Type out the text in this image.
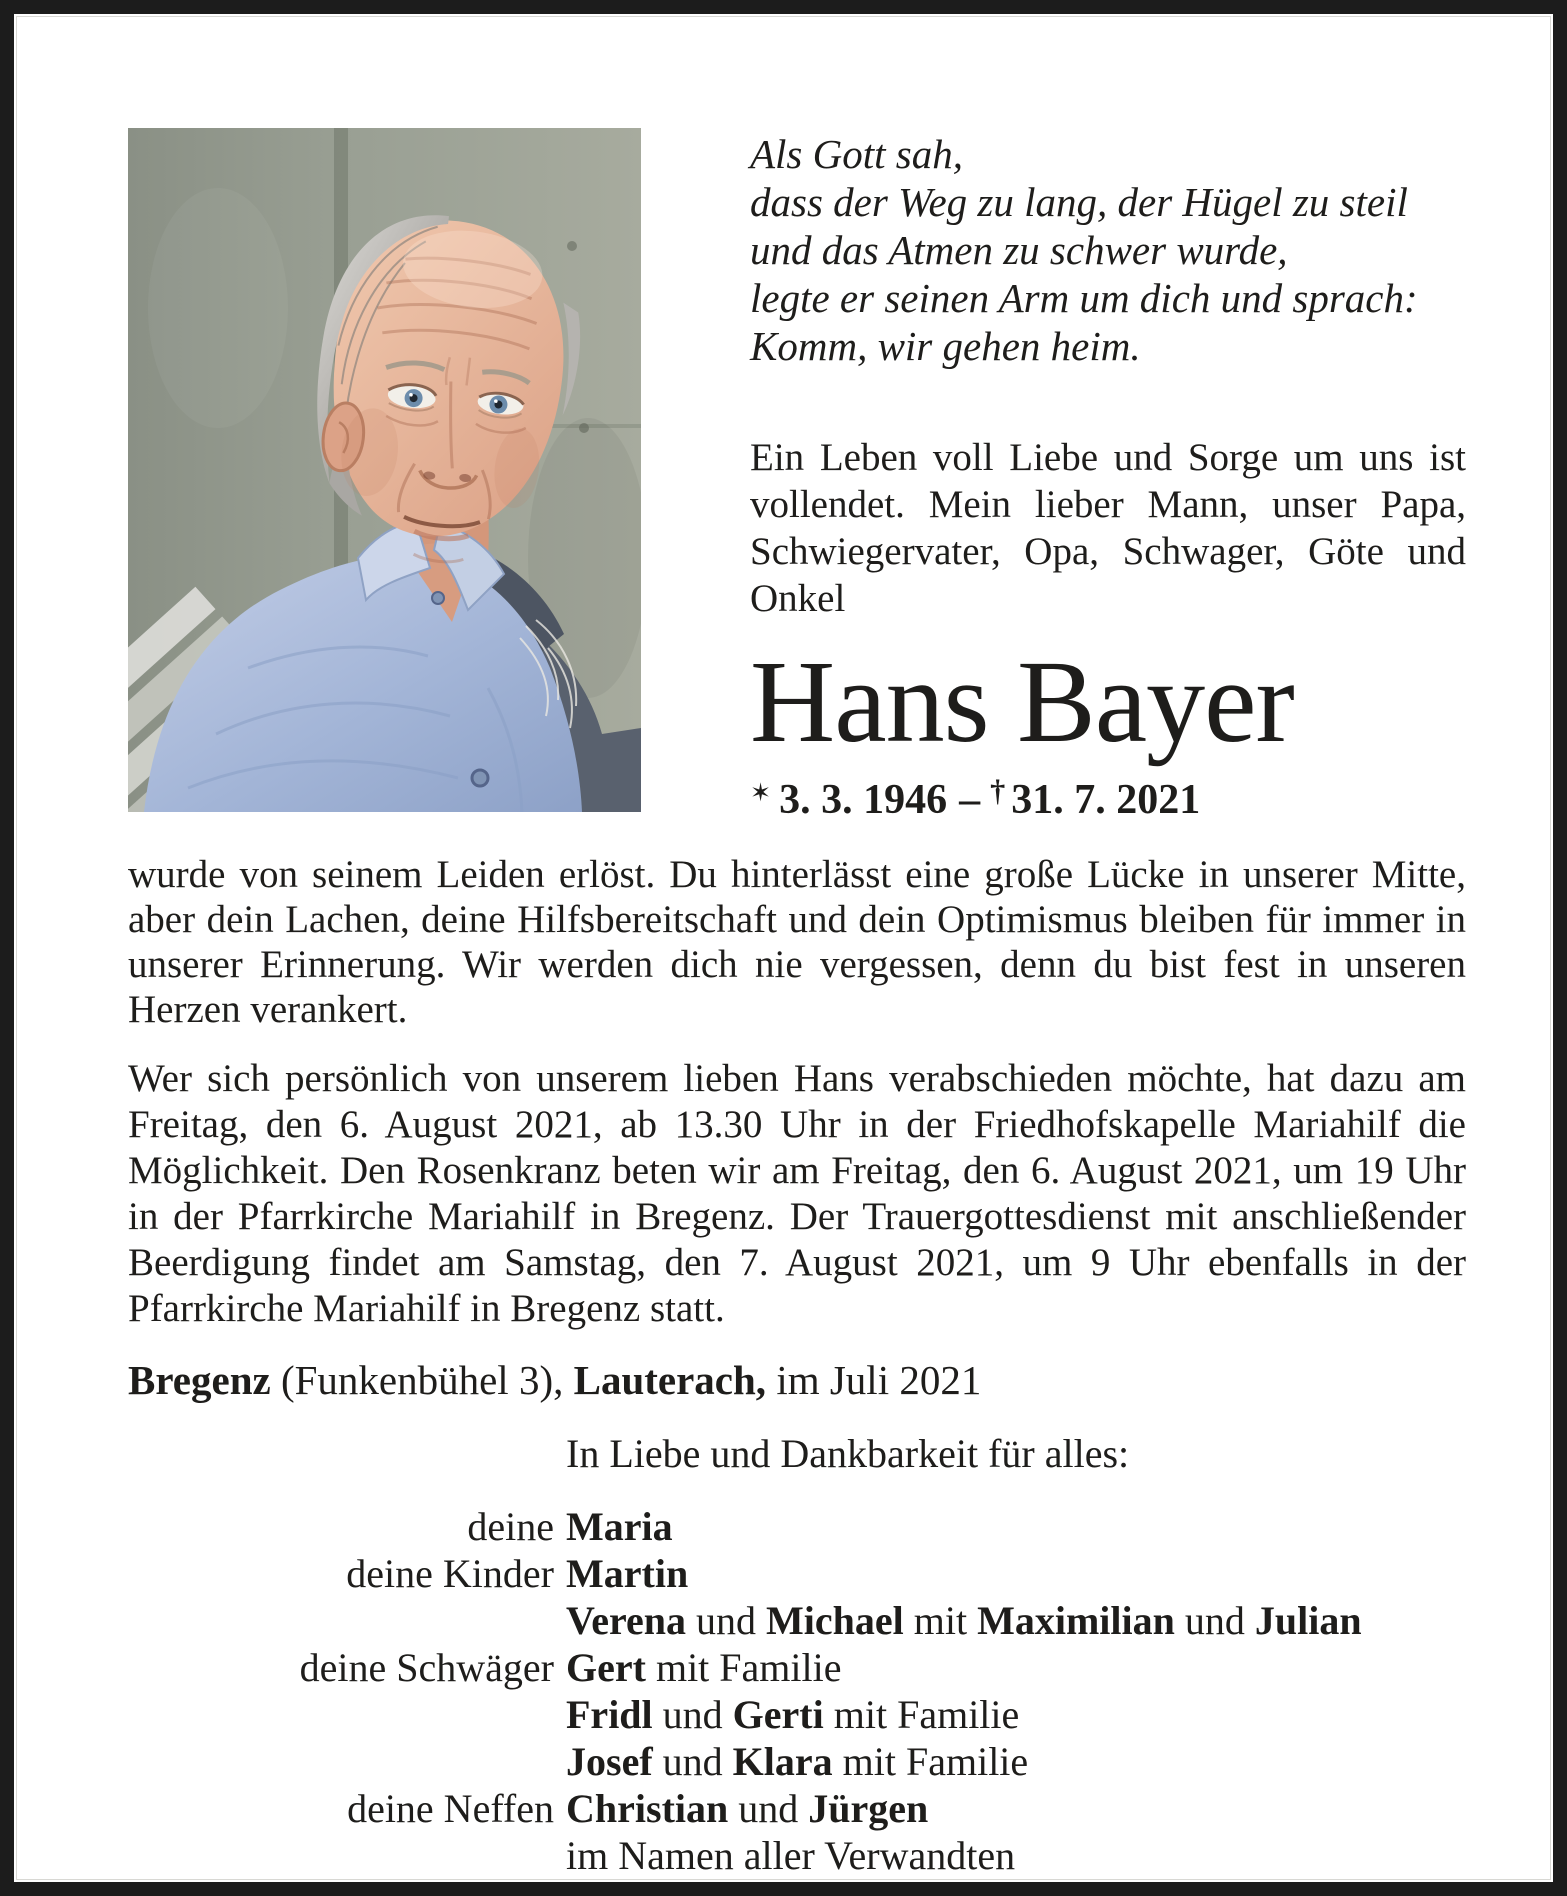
Als Gott sah,
dass der Weg zu lang, der Hügel zu steil
und das Atmen zu schwer wurde,
legte er seinen Arm um dich und sprach:
Komm, wir gehen heim.
Ein Leben voll Liebe und Sorge um uns ist vollendet. Mein lieber Mann, unser Papa, Schwiegervater, Opa, Schwager, Göte und Onkel
Hans Bayer
✶ 3. 3. 1946 – † 31. 7. 2021

wurde von seinem Leiden erlöst. Du hinterlässt eine große Lücke in unserer Mitte, aber dein Lachen, deine Hilfsbereitschaft und dein Optimismus bleiben für immer in unserer Erinnerung. Wir werden dich nie vergessen, denn du bist fest in unseren Herzen verankert.

Wer sich persönlich von unserem lieben Hans verabschieden möchte, hat dazu am Freitag, den 6. August 2021, ab 13.30 Uhr in der Friedhofskapelle Mariahilf die Möglichkeit. Den Rosenkranz beten wir am Freitag, den 6. August 2021, um 19 Uhr in der Pfarrkirche Mariahilf in Bregenz. Der Trauergottesdienst mit anschließender Beerdigung findet am Samstag, den 7. August 2021, um 9 Uhr ebenfalls in der Pfarrkirche Mariahilf in Bregenz statt.

Bregenz (Funkenbühel 3), Lauterach, im Juli 2021
In Liebe und Dankbarkeit für alles:
deine Maria
deine Kinder Martin
Verena und Michael mit Maximilian und Julian
deine Schwäger Gert mit Familie
Fridl und Gerti mit Familie
Josef und Klara mit Familie
deine Neffen Christian und Jürgen
im Namen aller Verwandten
